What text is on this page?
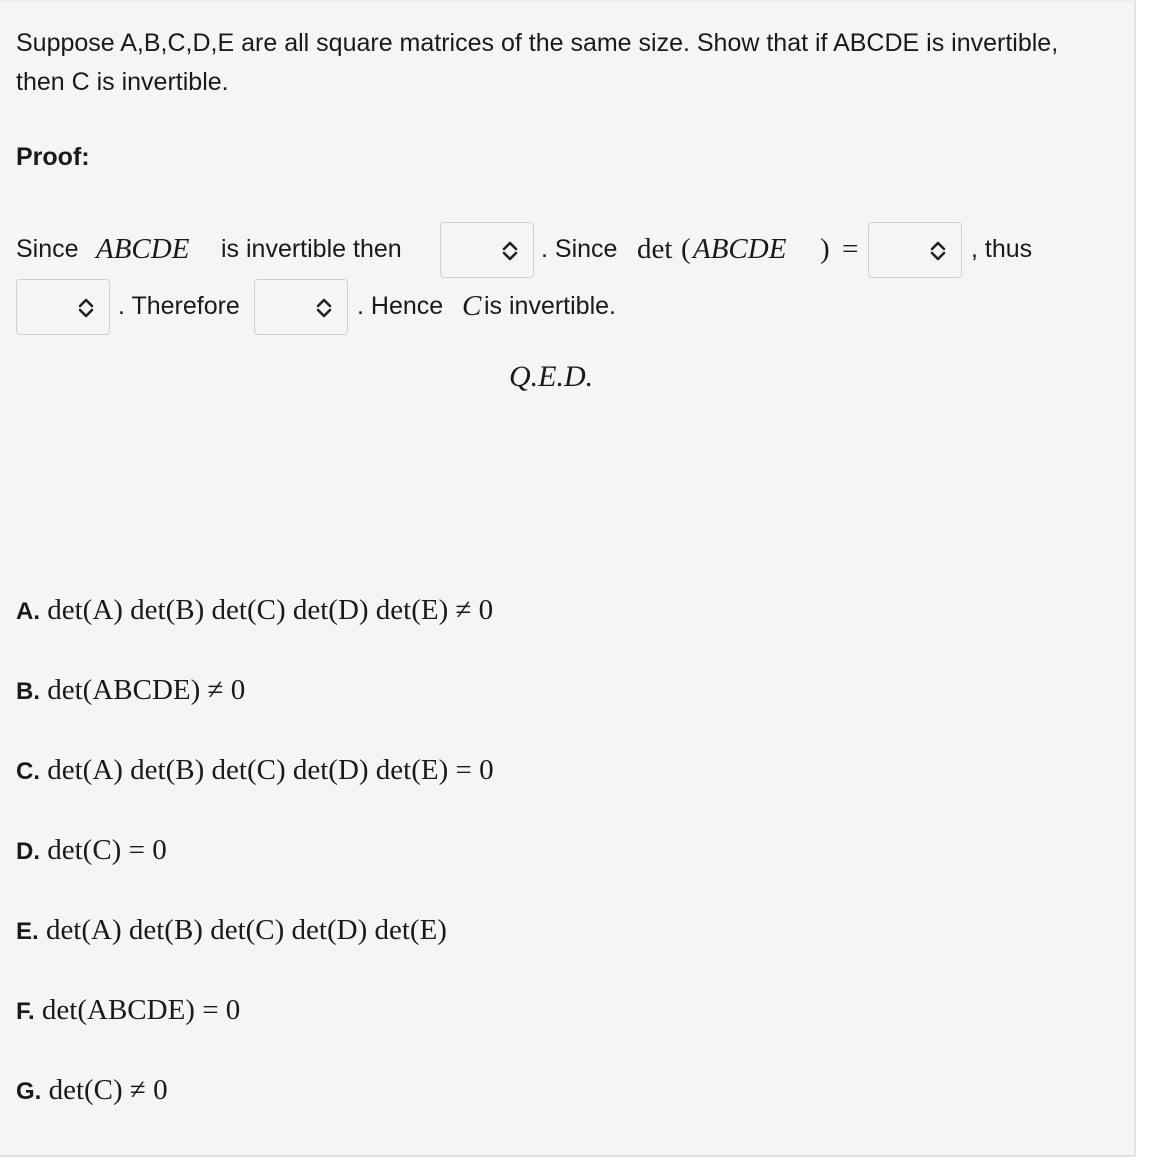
Suppose A,B,C,D,E are all square matrices of the same size. Show that if ABCDE is invertible, then C is invertible.
Proof:
Since ABCDE is invertible then	. Since det ( ABCDE ) =	, thus
. Therefore	. Hence C is invertible.
Q.E.D.
A. det(A) det(B) det(C) det(D) det(E) ≠ 0
B. det(ABCDE) ≠ 0
C. det(A) det(B) det(C) det(D) det(E) = 0
D. det(C) = 0
E. det(A) det(B) det(C) det(D) det(E)
F. det(ABCDE) = 0
G. det(C) ≠ 0
